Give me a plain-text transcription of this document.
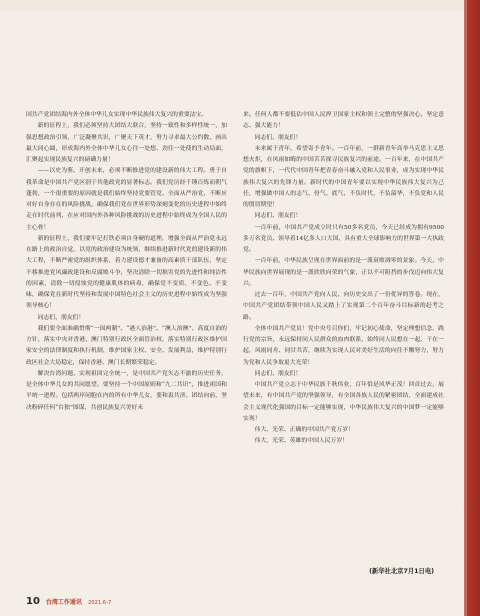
国共产党团结海内外全体中华儿女实现中华民族伟大复兴的重要法宝。

新的征程上，我们必须坚持大团结大联合，坚持一致性和多样性统一，加强思想政治引领，广泛凝聚共识，广聚天下英才，努力寻求最大公约数、画出最大同心圆，形成海内外全体中华儿女心往一处想、劲往一处使的生动局面，汇聚起实现民族复兴的磅礴力量！

——以史为鉴、开创未来，必须不断推进党的建设新的伟大工程。勇于自我革命是中国共产党区别于其他政党的显著标志。我们党历经千锤百炼而朝气蓬勃，一个很重要的原因就是我们始终坚持党要管党、全面从严治党，不断应对好自身存在的风险挑战，确保我们党在世界形势深刻变化的历史进程中始终走在时代前列，在应对国内外各种风险挑战的历史进程中始终成为全国人民的主心骨！

新的征程上，我们要牢记打铁必须自身硬的道理，增强全面从严治党永远在路上的政治自觉，以党的政治建设为统领，继续推进新时代党的建设新的伟大工程，不断严密党的组织体系，着力建设德才兼备的高素质干部队伍，坚定不移推进党风廉政建设和反腐败斗争，坚决清除一切损害党的先进性和纯洁性的因素，清除一切侵蚀党的健康肌体的病毒，确保党不变质、不变色、不变味，确保党在新时代坚持和发展中国特色社会主义的历史进程中始终成为坚强领导核心！

同志们、朋友们！

我们要全面准确贯彻“一国两制”、“港人治港”、“澳人治澳”、高度自治的方针，落实中央对香港、澳门特别行政区全面管治权，落实特别行政区维护国家安全的法律制度和执行机制，维护国家主权、安全、发展利益，维护特别行政区社会大局稳定，保持香港、澳门长期繁荣稳定。

解决台湾问题、实现祖国完全统一，是中国共产党矢志不渝的历史任务，是全体中华儿女的共同愿望。要坚持一个中国原则和“九二共识”，推进祖国和平统一进程。包括两岸同胞在内的所有中华儿女，要和衷共济、团结向前，坚决粉碎任何“台独”图谋，共创民族复兴美好未

来。任何人都不要低估中国人民捍卫国家主权和领土完整的坚强决心、坚定意志、强大能力！

同志们、朋友们！

未来属于青年，希望寄予青年。一百年前，一群新青年高举马克思主义思想火炬，在风雨如晦的中国苦苦探寻民族复兴的前途。一百年来，在中国共产党的旗帜下，一代代中国青年把青春奋斗融入党和人民事业，成为实现中华民族伟大复兴的先锋力量。新时代的中国青年要以实现中华民族伟大复兴为己任，增强做中国人的志气、骨气、底气，不负时代，不负韶华，不负党和人民的殷切期望！

同志们、朋友们！

一百年前，中国共产党成立时只有50多名党员，今天已经成为拥有9500多万名党员、领导着14亿多人口大国、具有重大全球影响力的世界第一大执政党。

一百年前，中华民族呈现在世界面前的是一派衰败凋零的景象。今天，中华民族向世界展现的是一派欣欣向荣的气象，正以不可阻挡的步伐迈向伟大复兴。

过去一百年，中国共产党向人民、向历史交出了一份优异的答卷。现在，中国共产党团结带领中国人民又踏上了实现第二个百年奋斗目标新的赶考之路。

全体中国共产党员！党中央号召你们，牢记初心使命，坚定理想信念，践行党的宗旨，永远保持同人民群众的血肉联系，始终同人民想在一起、干在一起，风雨同舟、同甘共苦，继续为实现人民对美好生活的向往不懈努力，努力为党和人民争取更大光荣！

同志们、朋友们！

中国共产党立志于中华民族千秋伟业，百年恰是风华正茂！回首过去，展望未来，有中国共产党的坚强领导，有全国各族人民的紧密团结，全面建成社会主义现代化强国的目标一定能够实现，中华民族伟大复兴的中国梦一定能够实现！

伟大、光荣、正确的中国共产党万岁！

伟大、光荣、英雄的中国人民万岁！

(新华社北京7月1日电)
10 台湾工作通讯 2021.6-7
